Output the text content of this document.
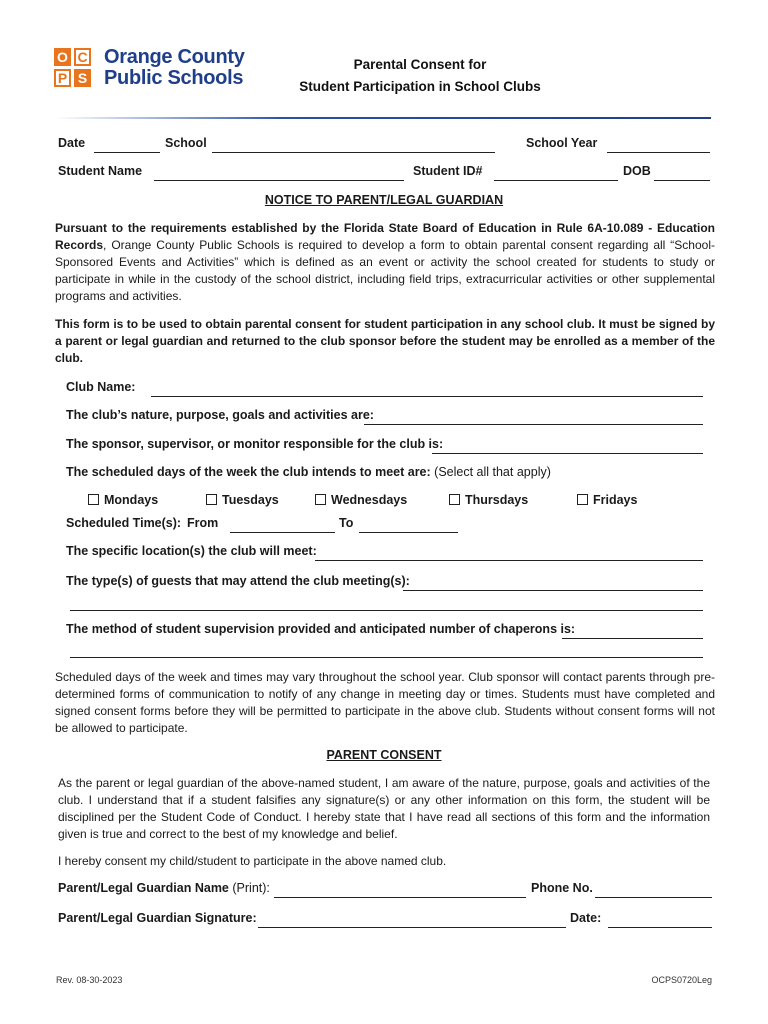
O C
P S
Orange County
Public Schools
Parental Consent for
Student Participation in School Clubs
Date	School	School Year
Student Name	Student ID#	DOB
NOTICE TO PARENT/LEGAL GUARDIAN
Pursuant to the requirements established by the Florida State Board of Education in Rule 6A-10.089 - Education Records, Orange County Public Schools is required to develop a form to obtain parental consent regarding all “School-Sponsored Events and Activities” which is defined as an event or activity the school created for students to study or participate in while in the custody of the school district, including field trips, extracurricular activities or other supplemental programs and activities.
This form is to be used to obtain parental consent for student participation in any school club. It must be signed by a parent or legal guardian and returned to the club sponsor before the student may be enrolled as a member of the club.
Club Name:
The club’s nature, purpose, goals and activities are:
The sponsor, supervisor, or monitor responsible for the club is:
The scheduled days of the week the club intends to meet are: (Select all that apply)
Mondays	Tuesdays	Wednesdays	Thursdays	Fridays
Scheduled Time(s): From	To
The specific location(s) the club will meet:
The type(s) of guests that may attend the club meeting(s):
The method of student supervision provided and anticipated number of chaperons is:
Scheduled days of the week and times may vary throughout the school year. Club sponsor will contact parents through pre-determined forms of communication to notify of any change in meeting day or times. Students must have completed and signed consent forms before they will be permitted to participate in the above club. Students without consent forms will not be allowed to participate.
PARENT CONSENT
As the parent or legal guardian of the above-named student, I am aware of the nature, purpose, goals and activities of the club. I understand that if a student falsifies any signature(s) or any other information on this form, the student will be disciplined per the Student Code of Conduct. I hereby state that I have read all sections of this form and the information given is true and correct to the best of my knowledge and belief.
I hereby consent my child/student to participate in the above named club.
Parent/Legal Guardian Name (Print):	Phone No.
Parent/Legal Guardian Signature:	Date:
Rev. 08-30-2023	OCPS0720Leg
